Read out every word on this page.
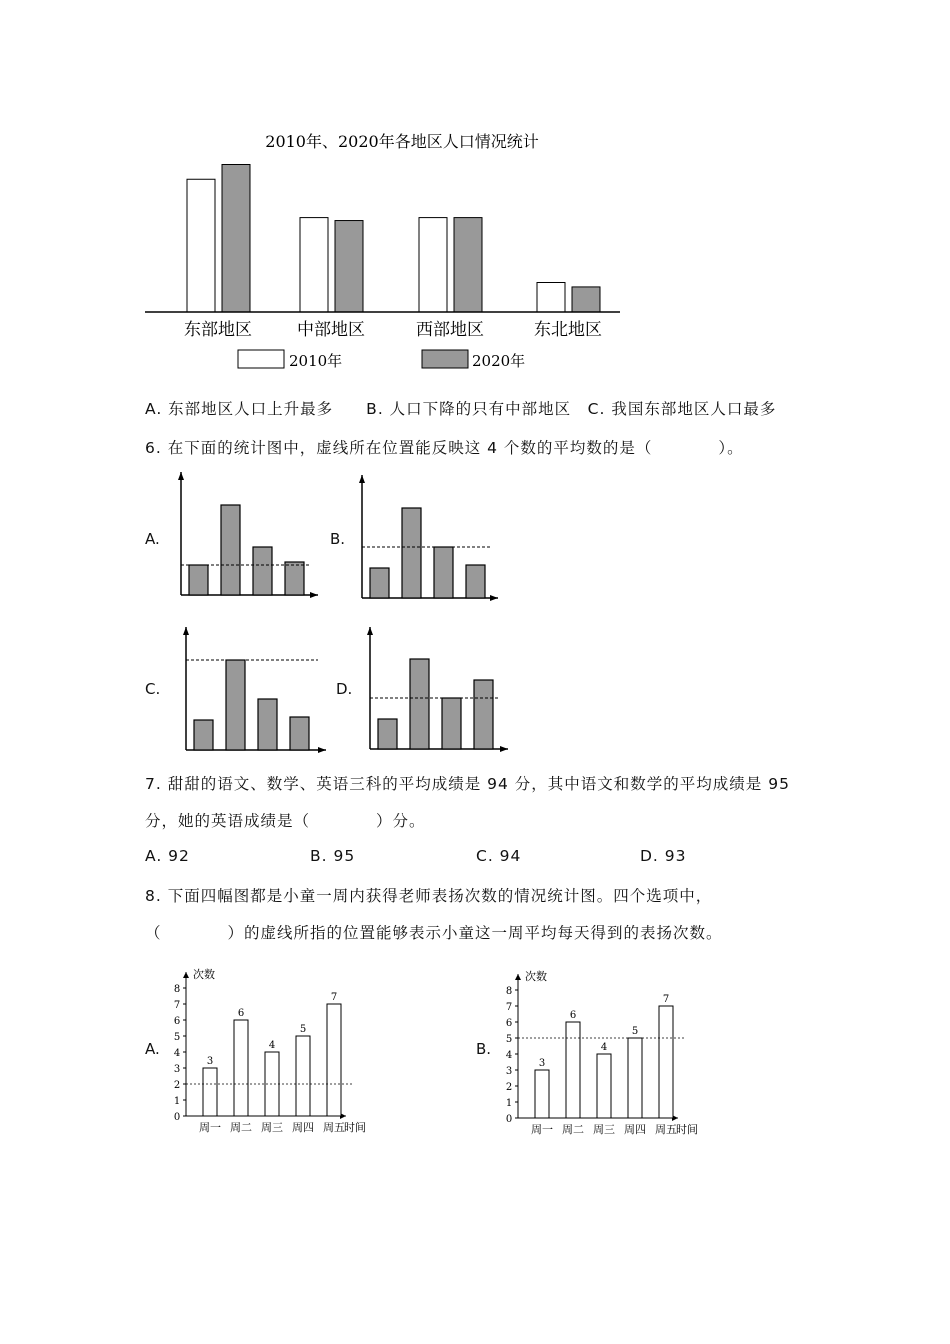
2010年、2020年各地区人口情况统计
东部地区	中部地区	西部地区	东北地区
2010年	2020年
A. 东部地区人口上升最多　　B. 人口下降的只有中部地区　C. 我国东部地区人口最多
6. 在下面的统计图中，虚线所在位置能反映这 4 个数的平均数的是（　　　　）。
A.	B.
C.	D.
7. 甜甜的语文、数学、英语三科的平均成绩是 94 分，其中语文和数学的平均成绩是 95
分，她的英语成绩是（　　　　）分。
A. 92	B. 95	C. 94	D. 93
8. 下面四幅图都是小童一周内获得老师表扬次数的情况统计图。四个选项中，
（　　　　）的虚线所指的位置能够表示小童这一周平均每天得到的表扬次数。
A.	B.
次数
时间
0
1
2
3
4
5
6
7
8
3
周一
6
周二
4
周三
5
周四
7
周五
次数
时间
0
1
2
3
4
5
6
7
8
3
周一
6
周二
4
周三
5
周四
7
周五
